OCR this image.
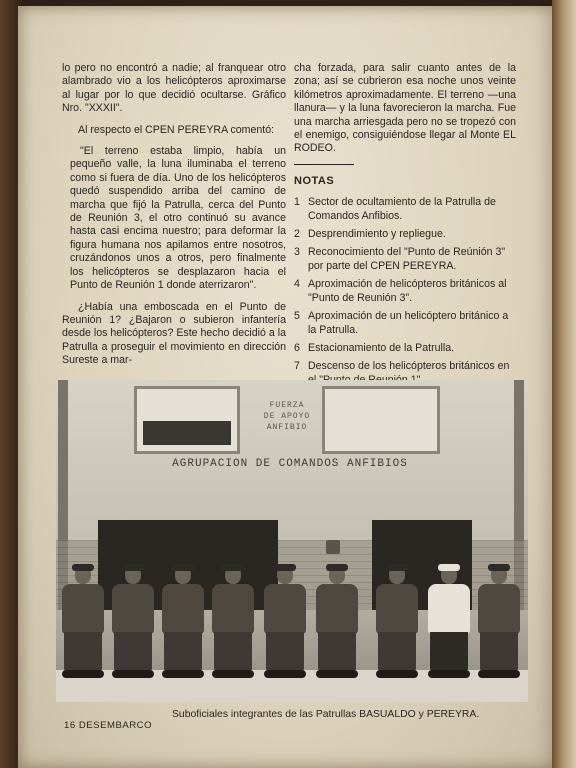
lo pero no encontró a nadie; al franquear otro alambrado vio a los helicópteros aproximarse al lugar por lo que decidió ocultarse. Gráfico Nro. "XXXII".

Al respecto el CPEN PEREYRA comentó:

"El terreno estaba limpio, había un pequeño valle, la luna iluminaba el terreno como si fuera de día. Uno de los helicópteros quedó suspendido arriba del camino de marcha que fijó la Patrulla, cerca del Punto de Reunión 3, el otro continuó su avance hasta casi encima nuestro; para deformar la figura humana nos apilamos entre nosotros, cruzándonos unos a otros, pero finalmente los helicópteros se desplazaron hacia el Punto de Reunión 1 donde aterrizaron".

¿Había una emboscada en el Punto de Reunión 1? ¿Bajaron o subieron infantería desde los helicópteros? Este hecho decidió a la Patrulla a proseguir el movimiento en dirección Sureste a mar-

cha forzada, para salir cuanto antes de la zona; así se cubrieron esa noche unos veinte kilómetros aproximadamente. El terreno —una llanura— y la luna favorecieron la marcha. Fue una marcha arriesgada pero no se tropezó con el enemigo, consiguiéndose llegar al Monte EL RODEO.

NOTAS
1 Sector de ocultamiento de la Patrulla de Comandos Anfibios.
2 Desprendimiento y repliegue.
3 Reconocimiento del "Punto de Reúnión 3" por parte del CPEN PEREYRA.
4 Aproximación de helicópteros británicos al "Punto de Reunión 3".
5 Aproximación de un helicóptero británico a la Patrulla.
6 Estacionamiento de la Patrulla.
7 Descenso de los helicópteros británicos en
FUERZA
DE APOYO
ANFIBIO
AGRUPACION DE COMANDOS ANFIBIOS
16 DESEMBARCO
Suboficiales integrantes de las Patrullas BASUALDO y PEREYRA.
